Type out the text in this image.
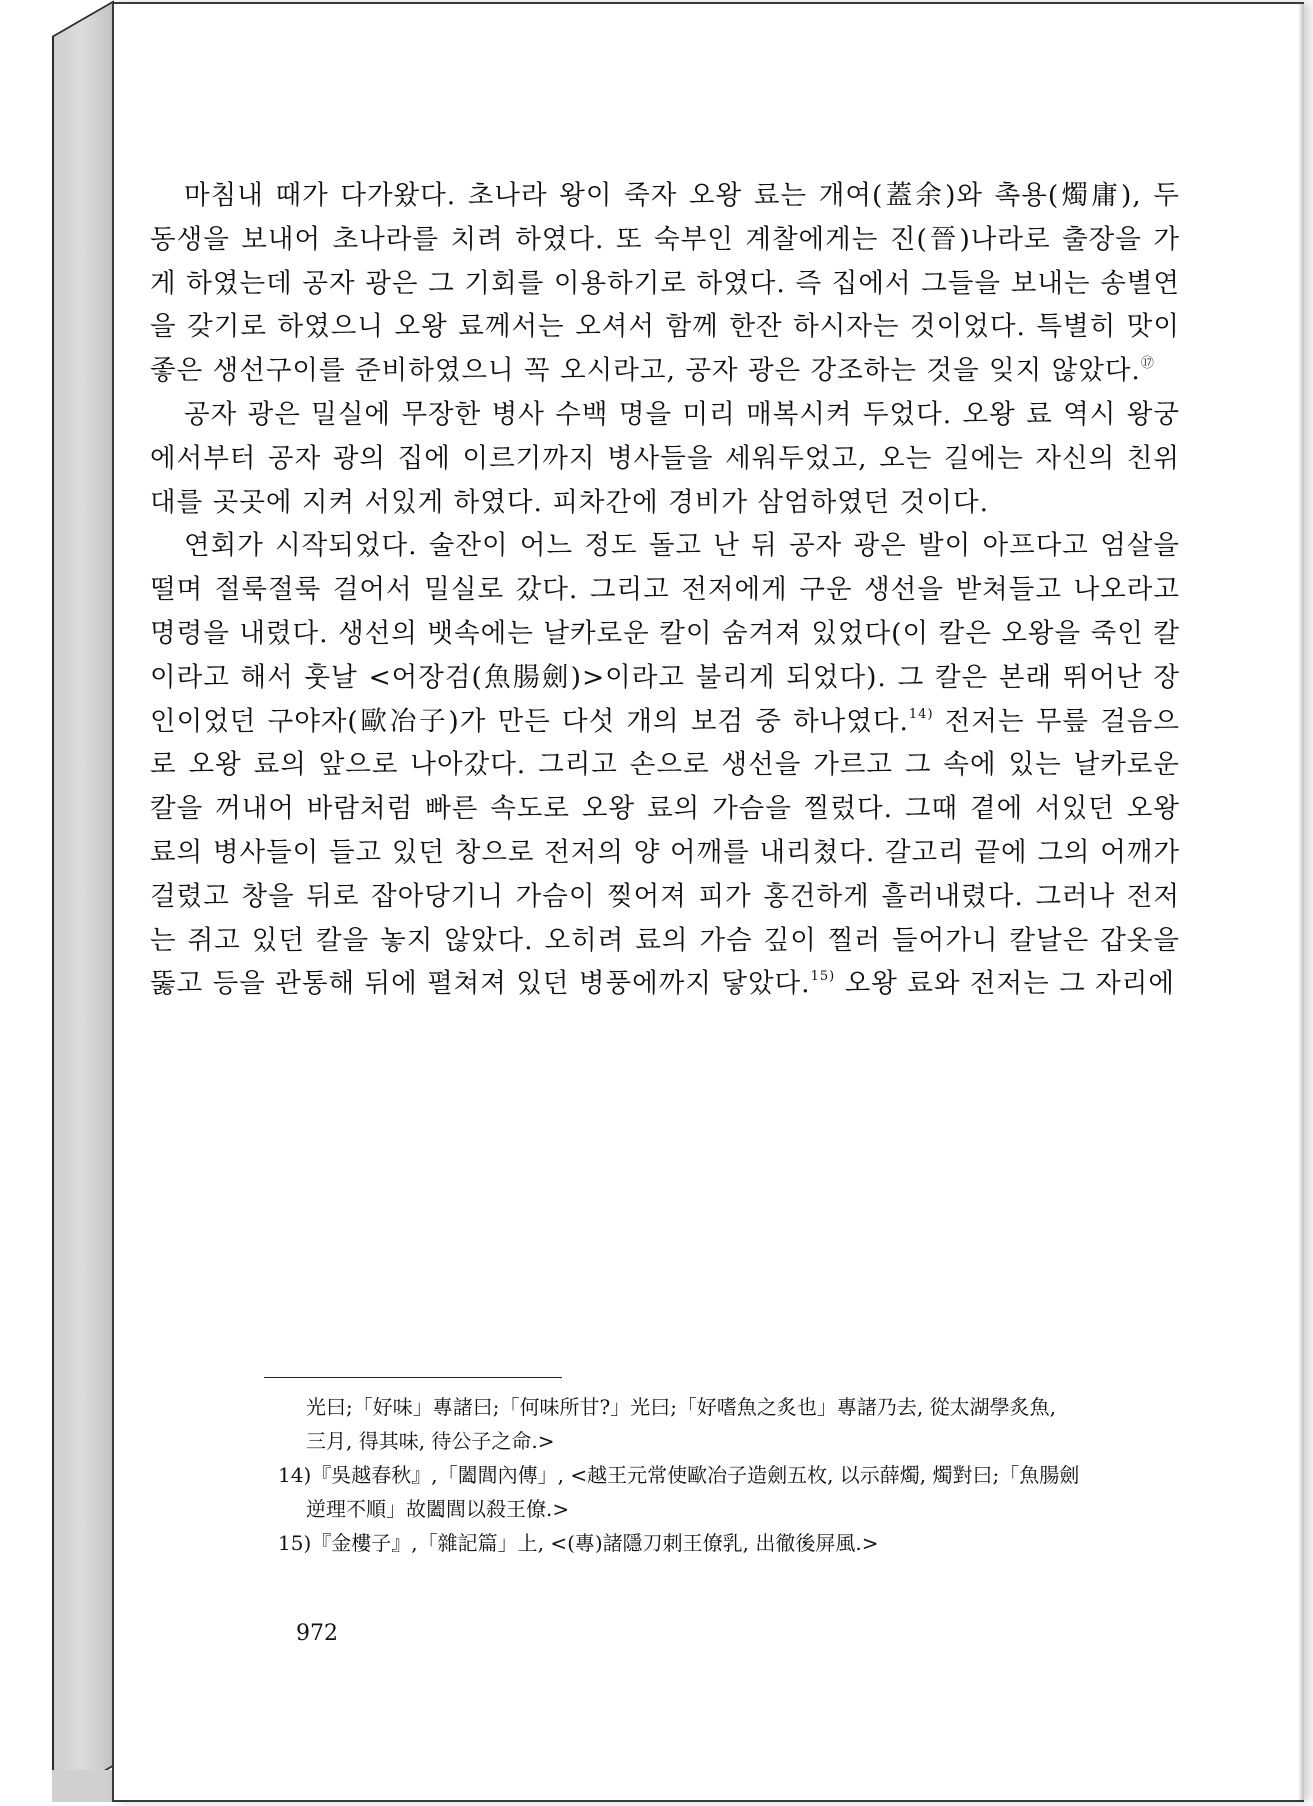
마침내 때가 다가왔다. 초나라 왕이 죽자 오왕 료는 개여(蓋余)와 촉용(燭庸), 두 동생을 보내어 초나라를 치려 하였다. 또 숙부인 계찰에게는 진(晉)나라로 출장을 가게 하였는데 공자 광은 그 기회를 이용하기로 하였다. 즉 집에서 그들을 보내는 송별연을 갖기로 하였으니 오왕 료께서는 오셔서 함께 한잔 하시자는 것이었다. 특별히 맛이 좋은 생선구이를 준비하였으니 꼭 오시라고, 공자 광은 강조하는 것을 잊지 않았다.⑰

공자 광은 밀실에 무장한 병사 수백 명을 미리 매복시켜 두었다. 오왕 료 역시 왕궁에서부터 공자 광의 집에 이르기까지 병사들을 세워두었고, 오는 길에는 자신의 친위대를 곳곳에 지켜 서있게 하였다. 피차간에 경비가 삼엄하였던 것이다.

연회가 시작되었다. 술잔이 어느 정도 돌고 난 뒤 공자 광은 발이 아프다고 엄살을 떨며 절룩절룩 걸어서 밀실로 갔다. 그리고 전저에게 구운 생선을 받쳐들고 나오라고 명령을 내렸다. 생선의 뱃속에는 날카로운 칼이 숨겨져 있었다(이 칼은 오왕을 죽인 칼이라고 해서 훗날 <어장검(魚腸劍)>이라고 불리게 되었다). 그 칼은 본래 뛰어난 장인이었던 구야자(歐冶子)가 만든 다섯 개의 보검 중 하나였다.$^{14)}$ 전저는 무릎 걸음으로 오왕 료의 앞으로 나아갔다. 그리고 손으로 생선을 가르고 그 속에 있는 날카로운 칼을 꺼내어 바람처럼 빠른 속도로 오왕 료의 가슴을 찔렀다. 그때 곁에 서있던 오왕 료의 병사들이 들고 있던 창으로 전저의 양 어깨를 내리쳤다. 갈고리 끝에 그의 어깨가 걸렸고 창을 뒤로 잡아당기니 가슴이 찢어져 피가 홍건하게 흘러내렸다. 그러나 전저는 쥐고 있던 칼을 놓지 않았다. 오히려 료의 가슴 깊이 찔러 들어가니 칼날은 갑옷을 뚫고 등을 관통해 뒤에 펼쳐져 있던 병풍에까지 닿았다.$^{15)}$ 오왕 료와 전저는 그 자리에

光曰;「好味」專諸曰;「何味所甘?」光曰;「好嗜魚之炙也」專諸乃去, 從太湖學炙魚,

三月, 得其味, 待公子之命.>

14)『吳越春秋』,「闔閭內傳」, <越王元常使歐冶子造劍五枚, 以示薛燭, 燭對曰;「魚腸劍

逆理不順」故闔閭以殺王僚.>

15)『金樓子』,「雜記篇」上, <(專)諸隱刀刺王僚乳, 出徹後屏風.>

972
